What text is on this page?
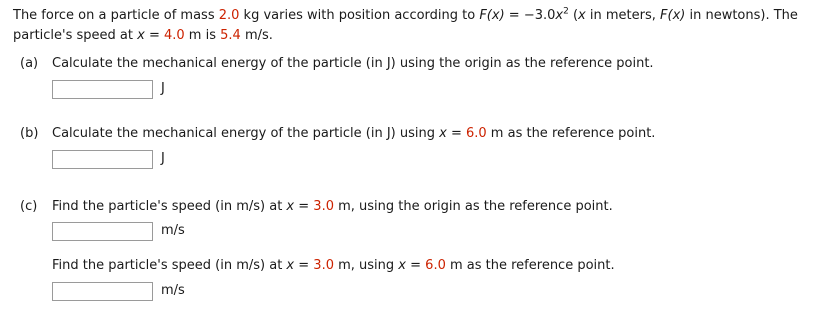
The force on a particle of mass 2.0 kg varies with position according to $F(x) = -3.0x^2$ (x in meters, F(x) in newtons). The particle's speed at x = 4.0 m is 5.4 m/s.
(a) Calculate the mechanical energy of the particle (in J) using the origin as the reference point.
J
(b) Calculate the mechanical energy of the particle (in J) using x = 6.0 m as the reference point.
J
(c) Find the particle's speed (in m/s) at x = 3.0 m, using the origin as the reference point.
m/s
Find the particle's speed (in m/s) at x = 3.0 m, using x = 6.0 m as the reference point.
m/s
